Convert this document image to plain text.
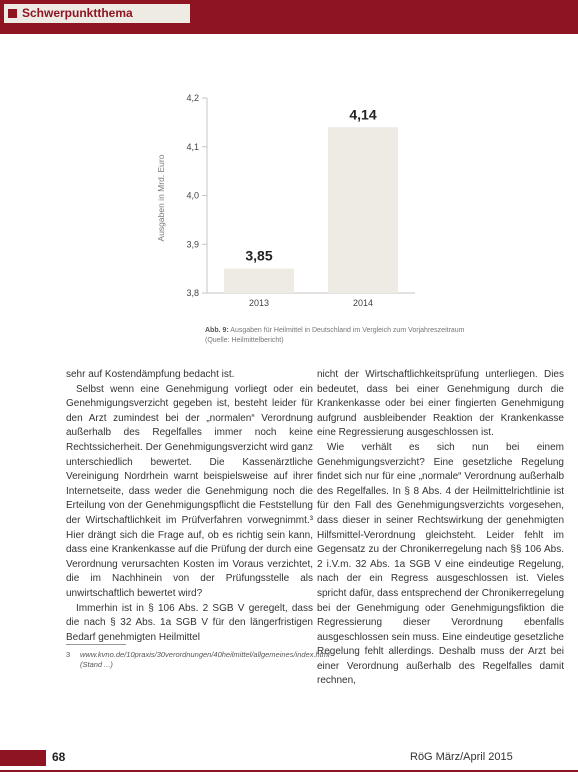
Schwerpunktthema
Ausgaben in Mrd. Euro
3,8
3,9
4,0
4,1
4,2
3,85
4,14
2013	2014
Abb. 9: Ausgaben für Heilmittel in Deutschland im Vergleich zum Vorjahreszeitraum
(Quelle: Heilmittelbericht)

sehr auf Kostendämpfung bedacht ist.

Selbst wenn eine Genehmigung vorliegt oder ein Genehmigungsverzicht gegeben ist, besteht leider für den Arzt zumindest bei der „normalen“ Verordnung außerhalb des Regelfalles immer noch keine Rechtssicherheit. Der Genehmigungsverzicht wird ganz unterschiedlich bewertet. Die Kassenärztliche Vereinigung Nordrhein warnt beispielsweise auf ihrer Internetseite, dass weder die Genehmigung noch die Erteilung von der Genehmigungspflicht die Feststellung der Wirtschaftlichkeit im Prüfverfahren vorwegnimmt.³ Hier drängt sich die Frage auf, ob es richtig sein kann, dass eine Krankenkasse auf die Prüfung der durch eine Verordnung verursachten Kosten im Voraus verzichtet, die im Nachhinein von der Prüfungsstelle als unwirtschaftlich bewertet wird?

Immerhin ist in § 106 Abs. 2 SGB V geregelt, dass die nach § 32 Abs. 1a SGB V für den längerfristigen Bedarf genehmigten Heilmittel

nicht der Wirtschaftlichkeitsprüfung unterliegen. Dies bedeutet, dass bei einer Genehmigung durch die Krankenkasse oder bei einer fingierten Genehmigung aufgrund ausbleibender Reaktion der Krankenkasse eine Regressierung ausgeschlossen ist.

Wie verhält es sich nun bei einem Genehmigungsverzicht? Eine gesetzliche Regelung findet sich nur für eine „normale“ Verordnung außerhalb des Regelfalles. In § 8 Abs. 4 der Heilmittelrichtlinie ist für den Fall des Genehmigungsverzichts vorgesehen, dass dieser in seiner Rechtswirkung der genehmigten Hilfsmittel-Verordnung gleichsteht. Leider fehlt im Gegensatz zu der Chronikerregelung nach §§ 106 Abs. 2 i.V.m. 32 Abs. 1a SGB V eine eindeutige Regelung, nach der ein Regress ausgeschlossen ist. Vieles spricht dafür, dass entsprechend der Chronikerregelung bei der Genehmigung oder Genehmigungsfiktion die Regressierung dieser Verordnung ebenfalls ausgeschlossen sein muss. Eine eindeutige gesetzliche Regelung fehlt allerdings. Deshalb muss der Arzt bei einer Verordnung außerhalb des Regelfalles damit rechnen,

3 www.kvno.de/10praxis/30verordnungen/40heilmittel/allgemeines/index.html (Stand ...)
68	RöG März/April 2015
